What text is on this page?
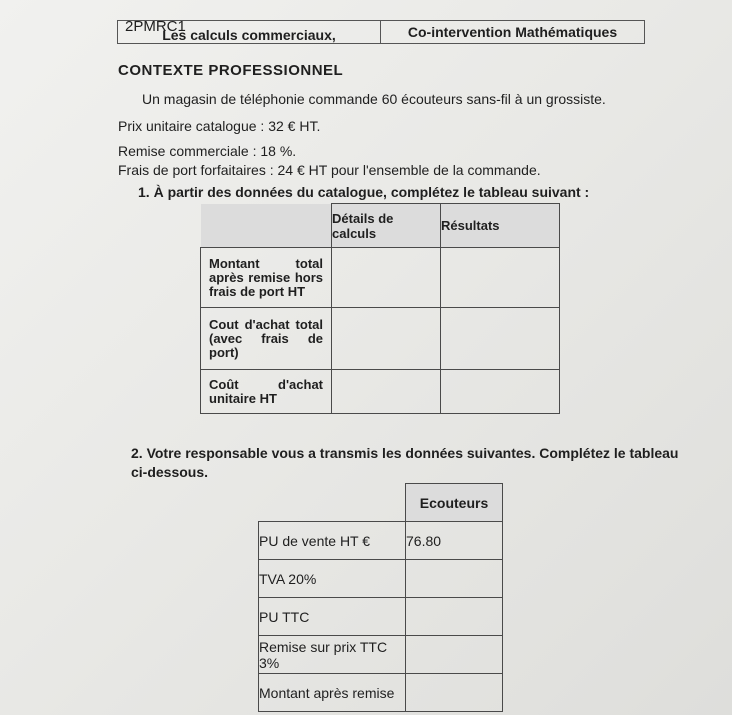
2PMRC1
Les calculs commerciaux,	Co-intervention Mathématiques
CONTEXTE PROFESSIONNEL
Un magasin de téléphonie commande 60 écouteurs sans-fil à un grossiste.
Prix unitaire catalogue : 32 € HT.
Remise commerciale : 18 %.
Frais de port forfaitaires : 24 € HT pour l'ensemble de la commande.
1. À partir des données du catalogue, complétez le tableau suivant :
	Détails de calculs	Résultats
Montant total après remise hors frais de port HT		
Cout d'achat total (avec frais de port)		
Coût d'achat unitaire HT		
2. Votre responsable vous a transmis les données suivantes. Complétez le tableau ci-dessous.
	Ecouteurs
PU de vente HT €	76.80
TVA 20%	
PU TTC	
Remise sur prix TTC 3%	
Montant après remise	
